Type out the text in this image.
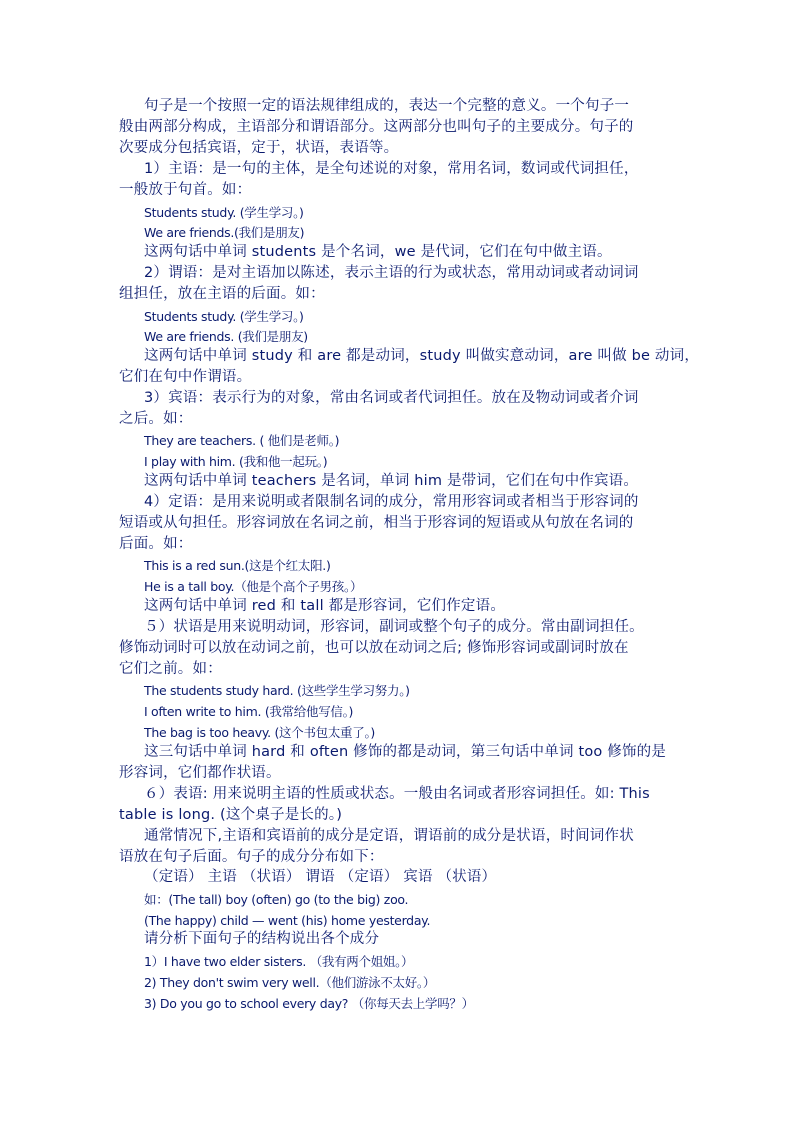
句子是一个按照一定的语法规律组成的，表达一个完整的意义。一个句子一
般由两部分构成，主语部分和谓语部分。这两部分也叫句子的主要成分。句子的
次要成分包括宾语，定于，状语，表语等。
1）主语：是一句的主体，是全句述说的对象，常用名词，数词或代词担任，
一般放于句首。如：
Students study. (学生学习。)
We are friends.(我们是朋友)
这两句话中单词 students 是个名词，we 是代词，它们在句中做主语。
2）谓语：是对主语加以陈述，表示主语的行为或状态，常用动词或者动词词
组担任，放在主语的后面。如：
Students study. (学生学习。)
We are friends. (我们是朋友)
这两句话中单词 study 和 are 都是动词，study 叫做实意动词，are 叫做 be 动词，
它们在句中作谓语。
3）宾语：表示行为的对象，常由名词或者代词担任。放在及物动词或者介词
之后。如：
They are teachers. ( 他们是老师。)
I play with him. (我和他一起玩。)
这两句话中单词 teachers 是名词，单词 him 是带词，它们在句中作宾语。
4）定语：是用来说明或者限制名词的成分，常用形容词或者相当于形容词的
短语或从句担任。形容词放在名词之前，相当于形容词的短语或从句放在名词的
后面。如：
This is a red sun.(这是个红太阳.)
He is a tall boy.（他是个高个子男孩。）
这两句话中单词 red 和 tall 都是形容词，它们作定语。
５）状语是用来说明动词，形容词，副词或整个句子的成分。常由副词担任。
修饰动词时可以放在动词之前，也可以放在动词之后; 修饰形容词或副词时放在
它们之前。如：
The students study hard. (这些学生学习努力。)
I often write to him. (我常给他写信。)
The bag is too heavy. (这个书包太重了。)
这三句话中单词 hard 和 often 修饰的都是动词，第三句话中单词 too 修饰的是
形容词，它们都作状语。
６）表语: 用来说明主语的性质或状态。一般由名词或者形容词担任。如: This
table is long. (这个桌子是长的。)
通常情况下,主语和宾语前的成分是定语，谓语前的成分是状语，时间词作状
语放在句子后面。句子的成分分布如下：
（定语） 主语 （状语） 谓语 （定语） 宾语 （状语）
如：(The tall) boy (often) go (to the big) zoo.
(The happy) child — went (his) home yesterday.
请分析下面句子的结构说出各个成分
1）I have two elder sisters. （我有两个姐姐。）
2) They don't swim very well.（他们游泳不太好。）
3) Do you go to school every day? （你每天去上学吗？）
